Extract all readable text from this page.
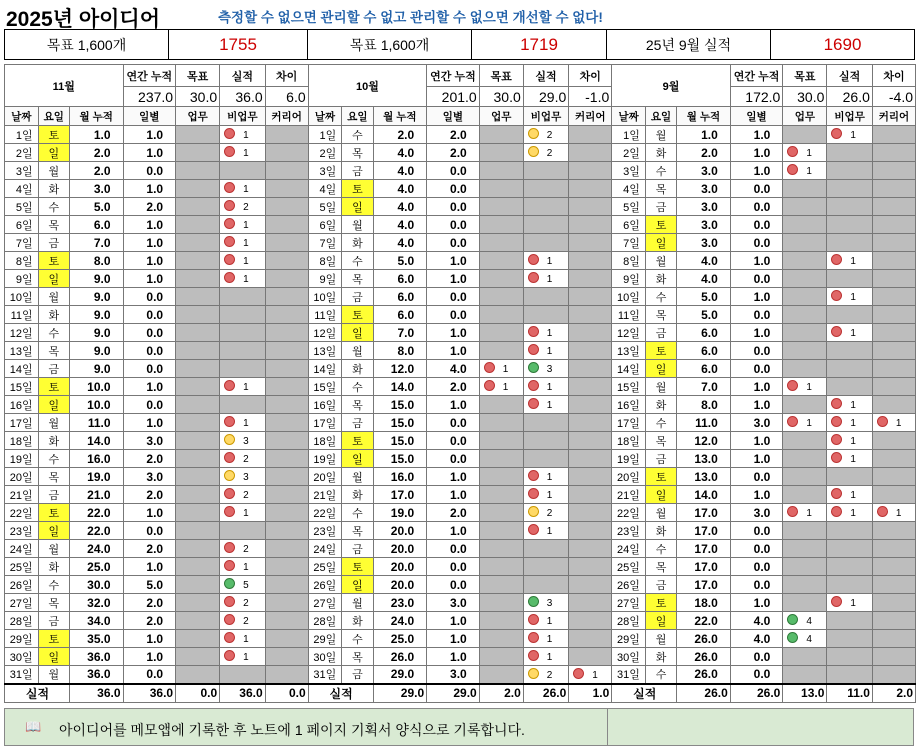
2025년 아이디어	측정할 수 없으면 관리할 수 없고 관리할 수 없으면 개선할 수 없다!
목표 1,600개	1755	목표 1,600개	1719	25년 9월 실적	1690
11월			연간 누적	목표	실적	차이	10월			연간 누적	목표	실적	차이	9월			연간 누적	목표	실적	차이
			237.0	30.0	36.0	6.0				201.0	30.0	29.0	-1.0				172.0	30.0	26.0	-4.0
날짜	요일	월 누적	일별	업무	비업무	커리어	날짜	요일	월 누적	일별	업무	비업무	커리어	날짜	요일	월 누적	일별	업무	비업무	커리어
1일	토	1.0	1.0		1		1일	수	2.0	2.0		2		1일	월	1.0	1.0		1	
2일	일	2.0	1.0		1		2일	목	4.0	2.0		2		2일	화	2.0	1.0	1		
3일	월	2.0	0.0				3일	금	4.0	0.0				3일	수	3.0	1.0	1		
4일	화	3.0	1.0		1		4일	토	4.0	0.0				4일	목	3.0	0.0			
5일	수	5.0	2.0		2		5일	일	4.0	0.0				5일	금	3.0	0.0			
6일	목	6.0	1.0		1		6일	월	4.0	0.0				6일	토	3.0	0.0			
7일	금	7.0	1.0		1		7일	화	4.0	0.0				7일	일	3.0	0.0			
8일	토	8.0	1.0		1		8일	수	5.0	1.0		1		8일	월	4.0	1.0		1	
9일	일	9.0	1.0		1		9일	목	6.0	1.0		1		9일	화	4.0	0.0			
10일	월	9.0	0.0				10일	금	6.0	0.0				10일	수	5.0	1.0		1	
11일	화	9.0	0.0				11일	토	6.0	0.0				11일	목	5.0	0.0			
12일	수	9.0	0.0				12일	일	7.0	1.0		1		12일	금	6.0	1.0		1	
13일	목	9.0	0.0				13일	월	8.0	1.0		1		13일	토	6.0	0.0			
14일	금	9.0	0.0				14일	화	12.0	4.0	1	3		14일	일	6.0	0.0			
15일	토	10.0	1.0		1		15일	수	14.0	2.0	1	1		15일	월	7.0	1.0	1		
16일	일	10.0	0.0				16일	목	15.0	1.0		1		16일	화	8.0	1.0		1	
17일	월	11.0	1.0		1		17일	금	15.0	0.0				17일	수	11.0	3.0	1	1	1
18일	화	14.0	3.0		3		18일	토	15.0	0.0				18일	목	12.0	1.0		1	
19일	수	16.0	2.0		2		19일	일	15.0	0.0				19일	금	13.0	1.0		1	
20일	목	19.0	3.0		3		20일	월	16.0	1.0		1		20일	토	13.0	0.0			
21일	금	21.0	2.0		2		21일	화	17.0	1.0		1		21일	일	14.0	1.0		1	
22일	토	22.0	1.0		1		22일	수	19.0	2.0		2		22일	월	17.0	3.0	1	1	1
23일	일	22.0	0.0				23일	목	20.0	1.0		1		23일	화	17.0	0.0			
24일	월	24.0	2.0		2		24일	금	20.0	0.0				24일	수	17.0	0.0			
25일	화	25.0	1.0		1		25일	토	20.0	0.0				25일	목	17.0	0.0			
26일	수	30.0	5.0		5		26일	일	20.0	0.0				26일	금	17.0	0.0			
27일	목	32.0	2.0		2		27일	월	23.0	3.0		3		27일	토	18.0	1.0		1	
28일	금	34.0	2.0		2		28일	화	24.0	1.0		1		28일	일	22.0	4.0	4		
29일	토	35.0	1.0		1		29일	수	25.0	1.0		1		29일	월	26.0	4.0	4		
30일	일	36.0	1.0		1		30일	목	26.0	1.0		1		30일	화	26.0	0.0			
31일	월	36.0	0.0				31일	금	29.0	3.0		2	1	31일	수	26.0	0.0			
실적		36.0	36.0	0.0	36.0	0.0	실적		29.0	29.0	2.0	26.0	1.0	실적		26.0	26.0	13.0	11.0	2.0
📖 아이디어를 메모앱에 기록한 후 노트에 1 페이지 기획서 양식으로 기록합니다.
